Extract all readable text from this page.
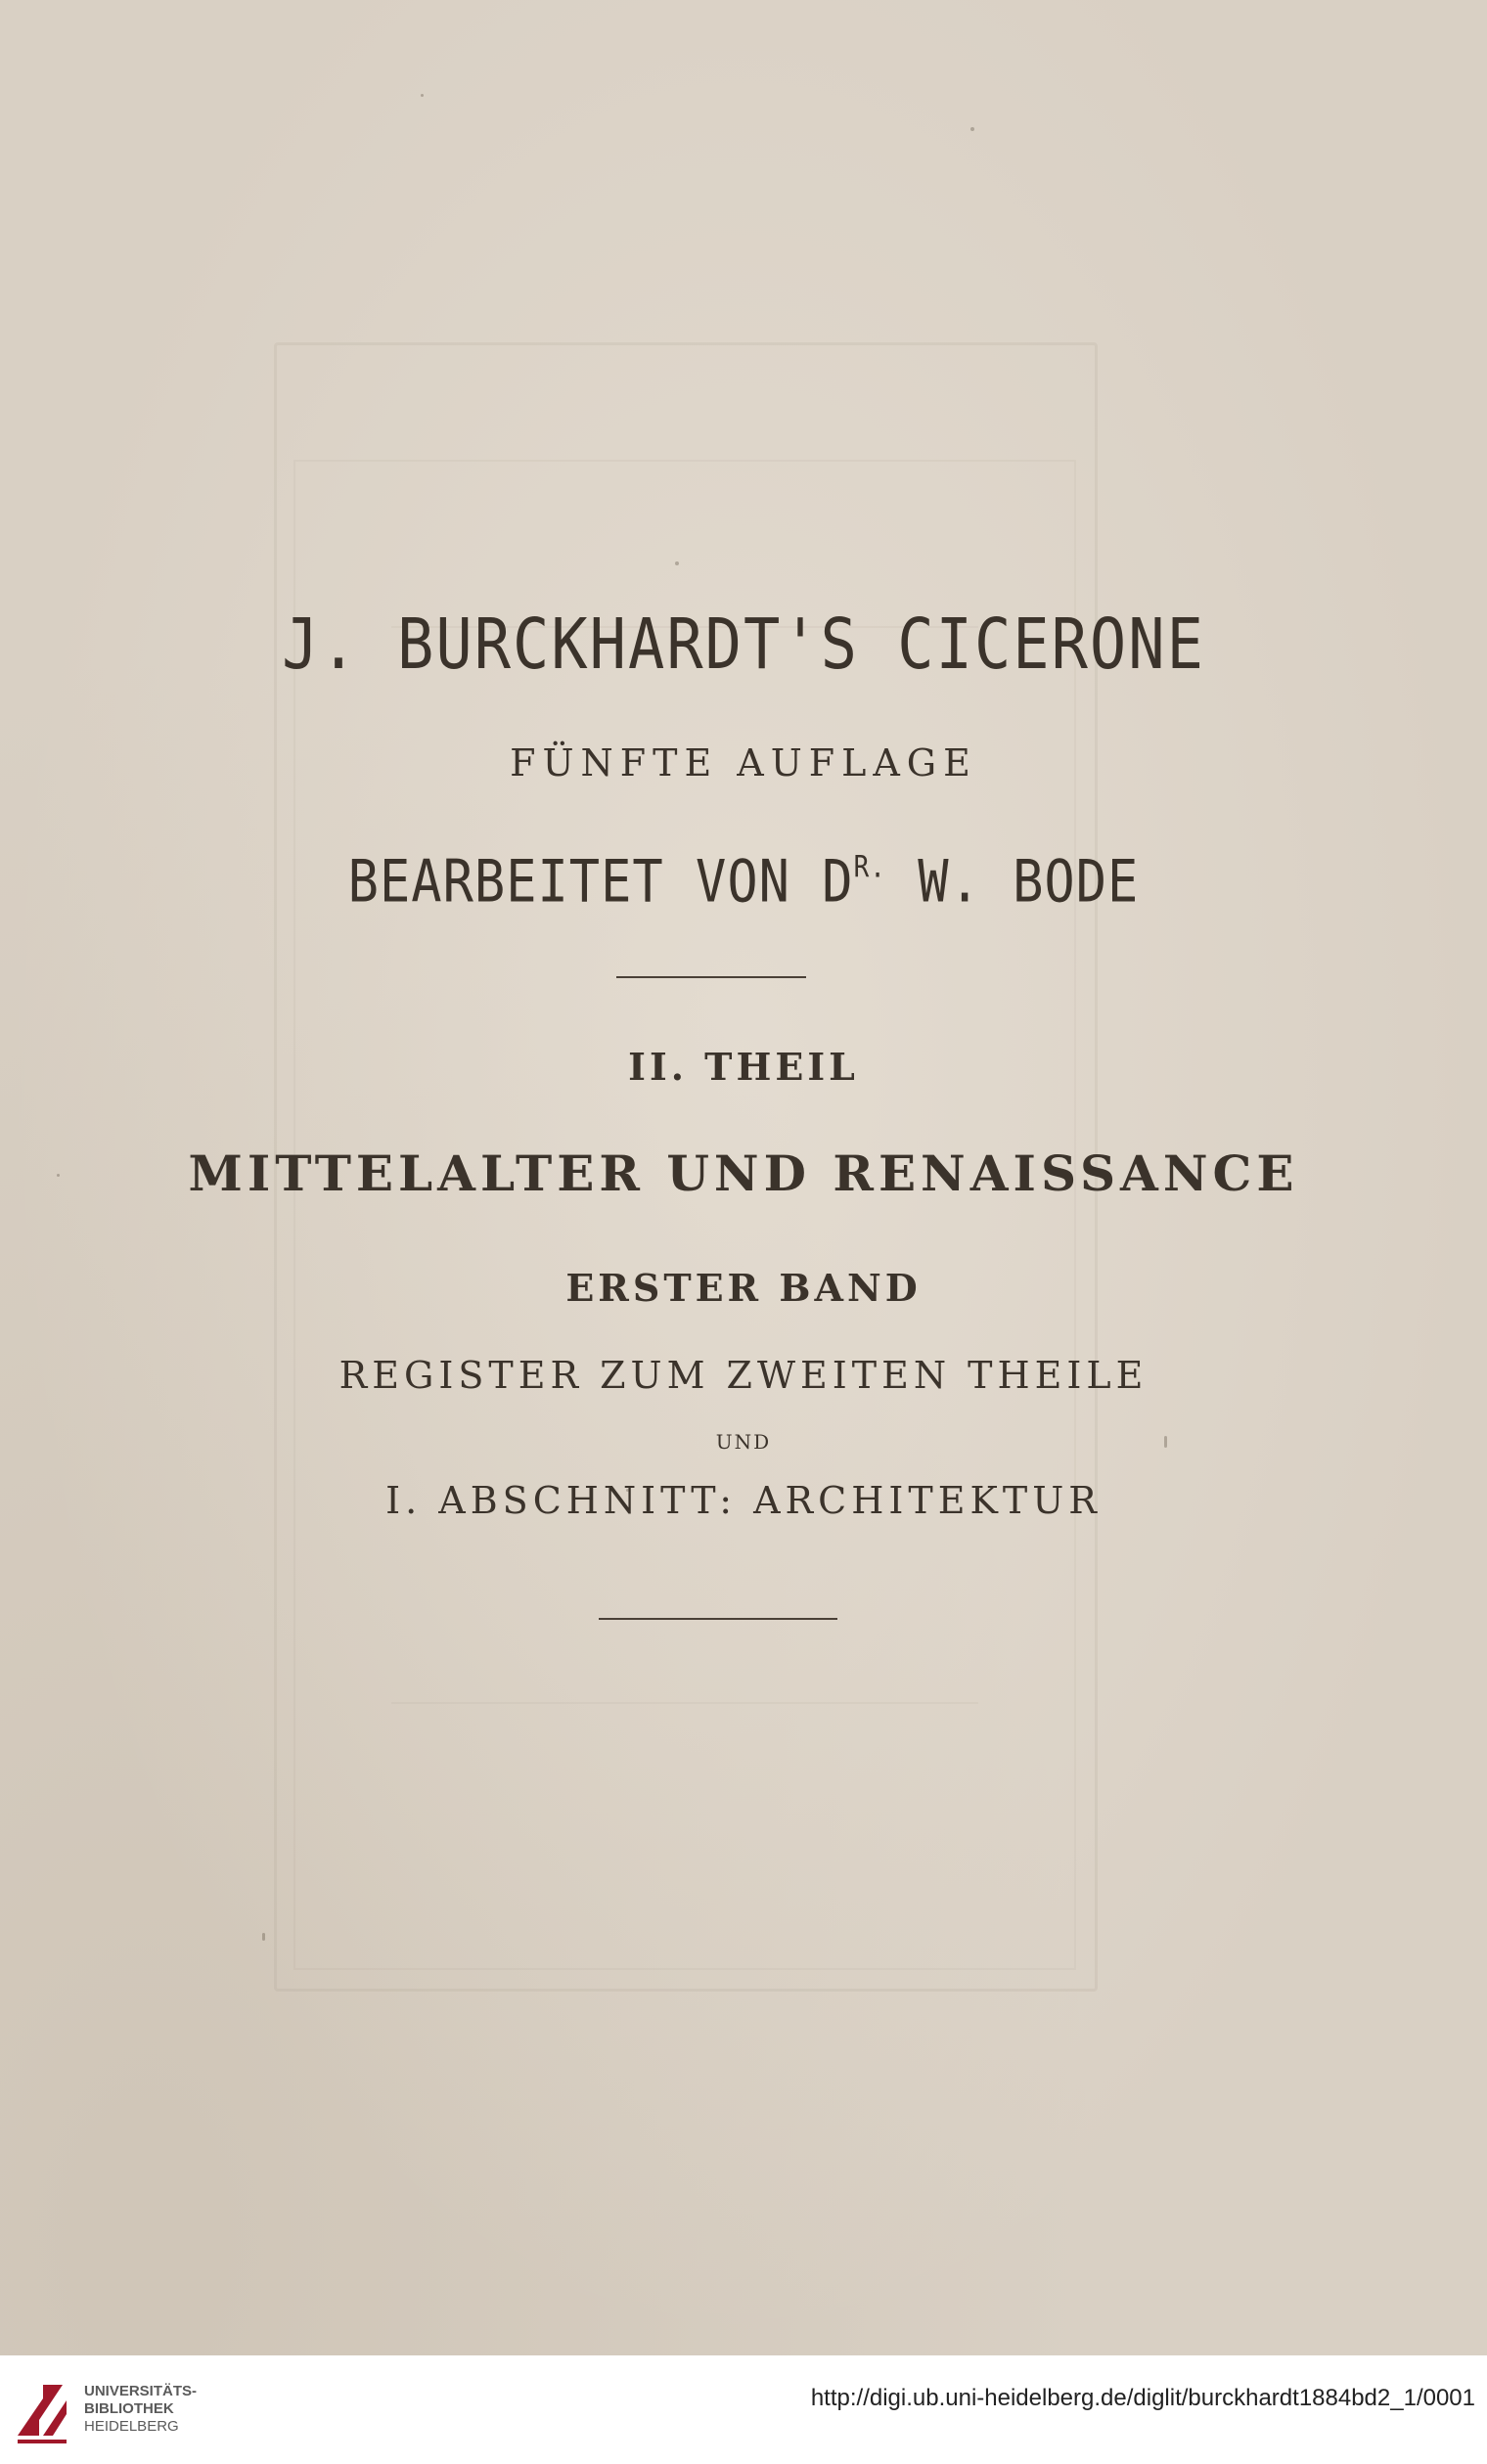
J. BURCKHARDT'S CICERONE
FÜNFTE AUFLAGE
BEARBEITET VON $D^{R.}$ W. BODE
II. THEIL
MITTELALTER UND RENAISSANCE
ERSTER BAND
REGISTER ZUM ZWEITEN THEILE
UND
I. ABSCHNITT: ARCHITEKTUR
UNIVERSITÄTS-
BIBLIOTHEK
HEIDELBERG
http://digi.ub.uni-heidelberg.de/diglit/burckhardt1884bd2_1/0001
